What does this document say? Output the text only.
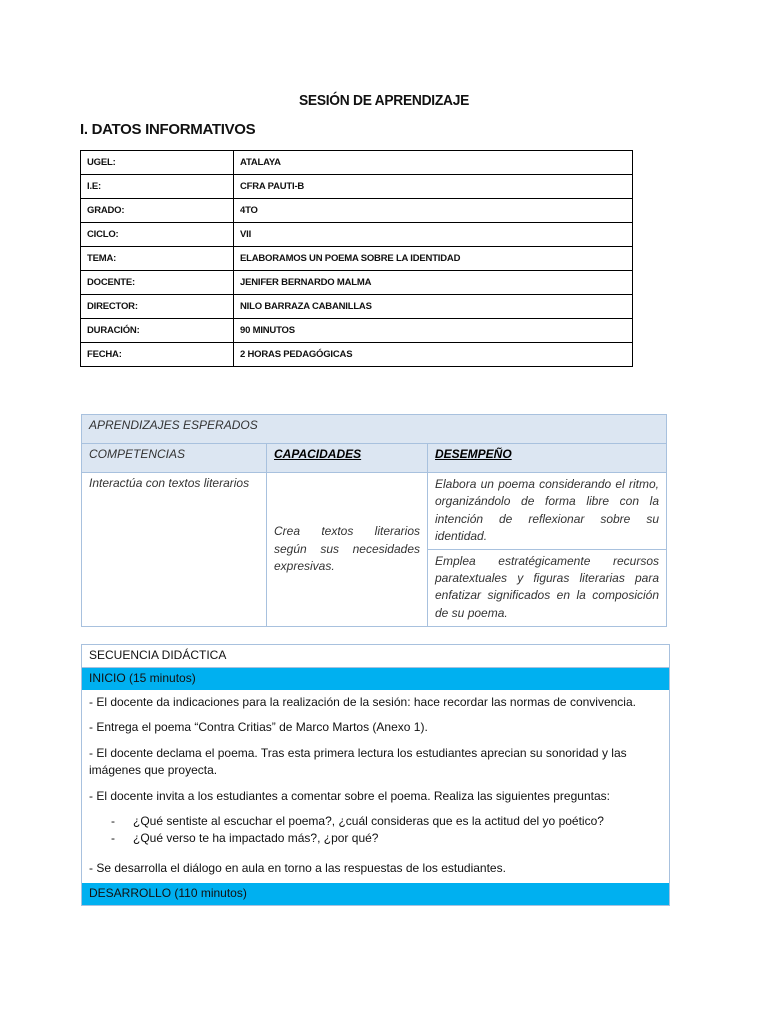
SESIÓN DE APRENDIZAJE
I. DATOS INFORMATIVOS
UGEL:	ATALAYA
I.E:	CFRA PAUTI-B
GRADO:	4TO
CICLO:	VII
TEMA:	ELABORAMOS UN POEMA SOBRE LA IDENTIDAD
DOCENTE:	JENIFER BERNARDO MALMA
DIRECTOR:	NILO BARRAZA CABANILLAS
DURACIÓN:	90 MINUTOS
FECHA:	2 HORAS PEDAGÓGICAS
APRENDIZAJES ESPERADOS		
COMPETENCIAS	CAPACIDADES	DESEMPEÑO
Interactúa con textos literarios	Crea textos literarios según sus necesidades expresivas.	Elabora un poema considerando el ritmo, organizándolo de forma libre con la intención de reflexionar sobre su identidad.
		Emplea estratégicamente recursos paratextuales y figuras literarias para enfatizar significados en la composición de su poema.
SECUENCIA DIDÁCTICA
INICIO (15 minutos)

- El docente da indicaciones para la realización de la sesión: hace recordar las normas de convivencia.

- Entrega el poema “Contra Critias” de Marco Martos (Anexo 1).

- El docente declama el poema. Tras esta primera lectura los estudiantes aprecian su sonoridad y las imágenes que proyecta.

- El docente invita a los estudiantes a comentar sobre el poema. Realiza las siguientes preguntas:

- ¿Qué sentiste al escuchar el poema?, ¿cuál consideras que es la actitud del yo poético?
- ¿Qué verso te ha impactado más?, ¿por qué?

- Se desarrolla el diálogo en aula en torno a las respuestas de los estudiantes.

DESARROLLO (110 minutos)
